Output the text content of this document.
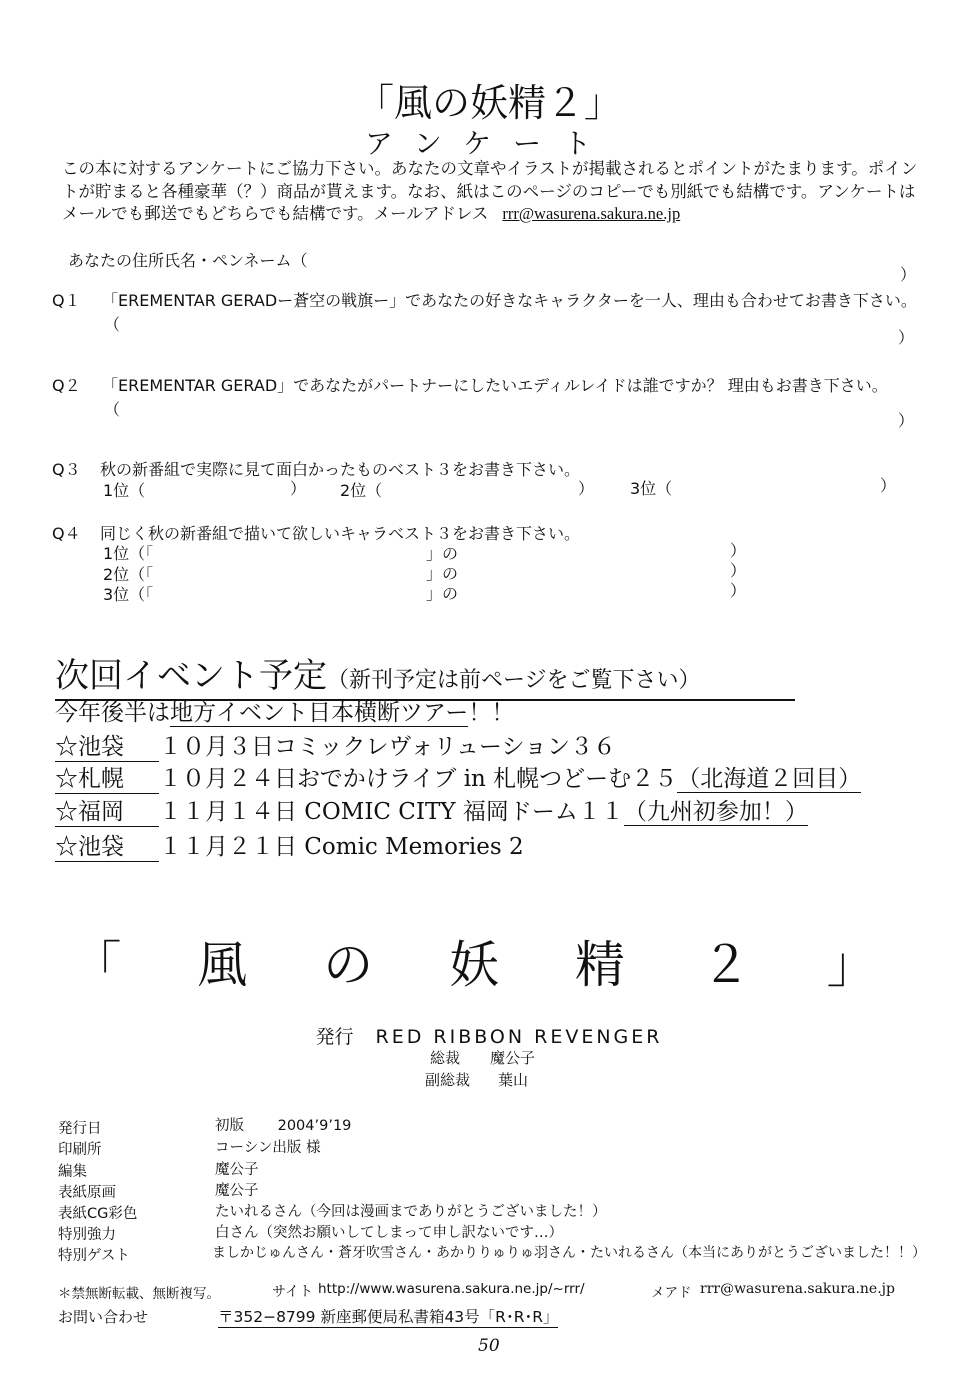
「風の妖精２」
アンケート
この本に対するアンケートにご協力下さい。あなたの文章やイラストが掲載されるとポイントがたまります。ポイントが貯まると各種豪華（？）商品が貰えます。なお、紙はこのページのコピーでも別紙でも結構です。アンケートはメールでも郵送でもどちらでも結構です。メールアドレス rrr@wasurena.sakura.ne.jp
あなたの住所氏名・ペンネーム（
）
Q１ 「EREMENTAR GERADー蒼空の戦旗ー」であなたの好きなキャラクターを一人、理由も合わせてお書き下さい。
（
）
Q２ 「EREMENTAR GERAD」であなたがパートナーにしたいエディルレイドは誰ですか？ 理由もお書き下さい。
（
）
Q３ 秋の新番組で実際に見て面白かったものベスト３をお書き下さい。
1位（	） 2位（	） 3位（	）
Q４ 同じく秋の新番組で描いて欲しいキャラベスト３をお書き下さい。
1位（「	」の	）
2位（「	」の	）
3位（「	」の	）
次回イベント予定（新刊予定は前ページをご覧下さい）
今年後半は地方イベント日本横断ツアー！！
☆池袋 １０月３日コミックレヴォリューション３６
☆札幌 １０月２４日おでかけライブ in 札幌つどーむ２５（北海道２回目）
☆福岡 １１月１４日 COMIC CITY 福岡ドーム１１（九州初参加！）
☆池袋 １１月２１日 Comic Memories 2
「 風 の 妖 精 ２ 」
発行 RED RIBBON REVENGER
総裁 魔公子
副総裁 葉山
発行日	初版　　 2004’9’19
印刷所	コーシン出版 様
編集	魔公子
表紙原画	魔公子
表紙CG彩色	たいれるさん（今回は漫画までありがとうございました！）
特別強力	白さん（突然お願いしてしまって申し訳ないです…）
特別ゲスト	ましかじゅんさん・蒼牙吹雪さん・あかりりゅりゅ羽さん・たいれるさん（本当にありがとうございました！！）
＊禁無断転載、無断複写。	サイト http://www.wasurena.sakura.ne.jp/~rrr/	メアド rrr@wasurena.sakura.ne.jp
お問い合わせ	〒352−8799 新座郵便局私書箱43号「R･R･R」
50
